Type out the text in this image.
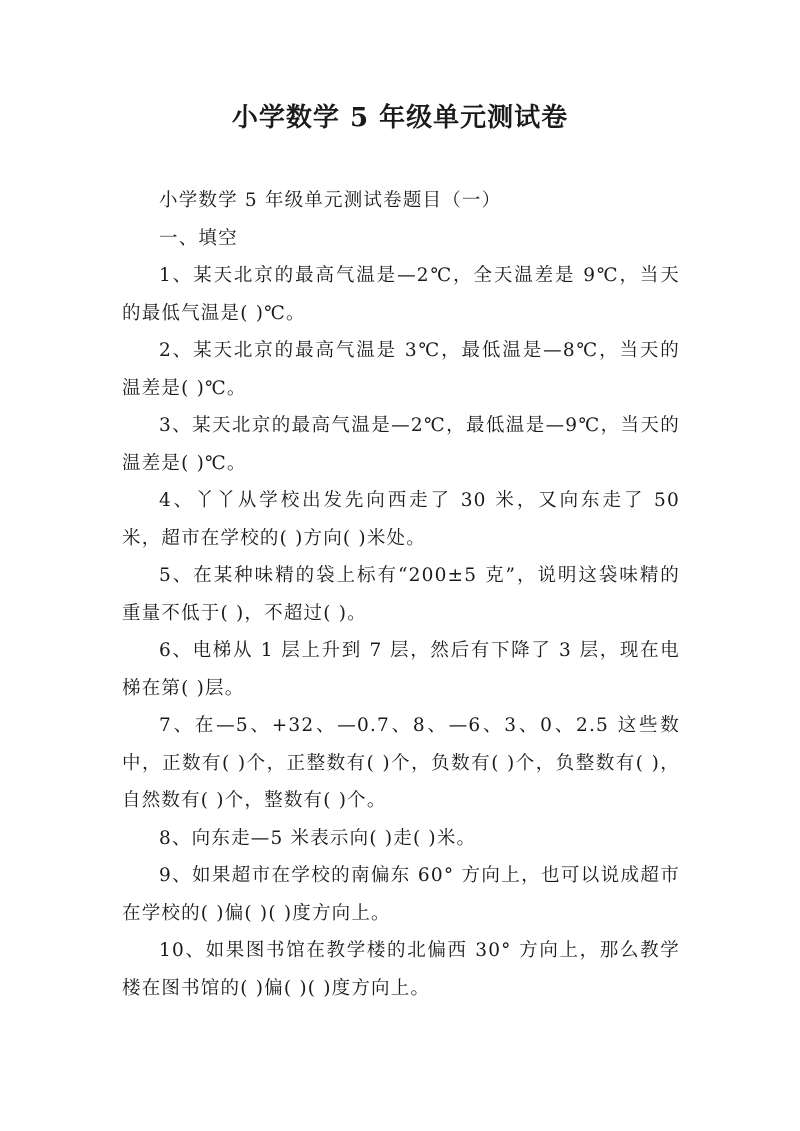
小学数学 5 年级单元测试卷

小学数学 5 年级单元测试卷题目（一）

一、填空

1、某天北京的最高气温是—2℃，全天温差是 9℃，当天的最低气温是( )℃。

2、某天北京的最高气温是 3℃，最低温是—8℃，当天的温差是( )℃。

3、某天北京的最高气温是—2℃，最低温是—9℃，当天的温差是( )℃。

4、丫丫从学校出发先向西走了 30 米，又向东走了 50 米，超市在学校的( )方向( )米处。

5、在某种味精的袋上标有“200±5 克”，说明这袋味精的重量不低于( )，不超过( )。

6、电梯从 1 层上升到 7 层，然后有下降了 3 层，现在电梯在第( )层。

7、在—5、+32、—0.7、8、—6、3、0、2.5 这些数中，正数有( )个，正整数有( )个，负数有( )个，负整数有( )，自然数有( )个，整数有( )个。

8、向东走—5 米表示向( )走( )米。

9、如果超市在学校的南偏东 60° 方向上，也可以说成超市在学校的( )偏( )( )度方向上。

10、如果图书馆在教学楼的北偏西 30° 方向上，那么教学楼在图书馆的( )偏( )( )度方向上。
